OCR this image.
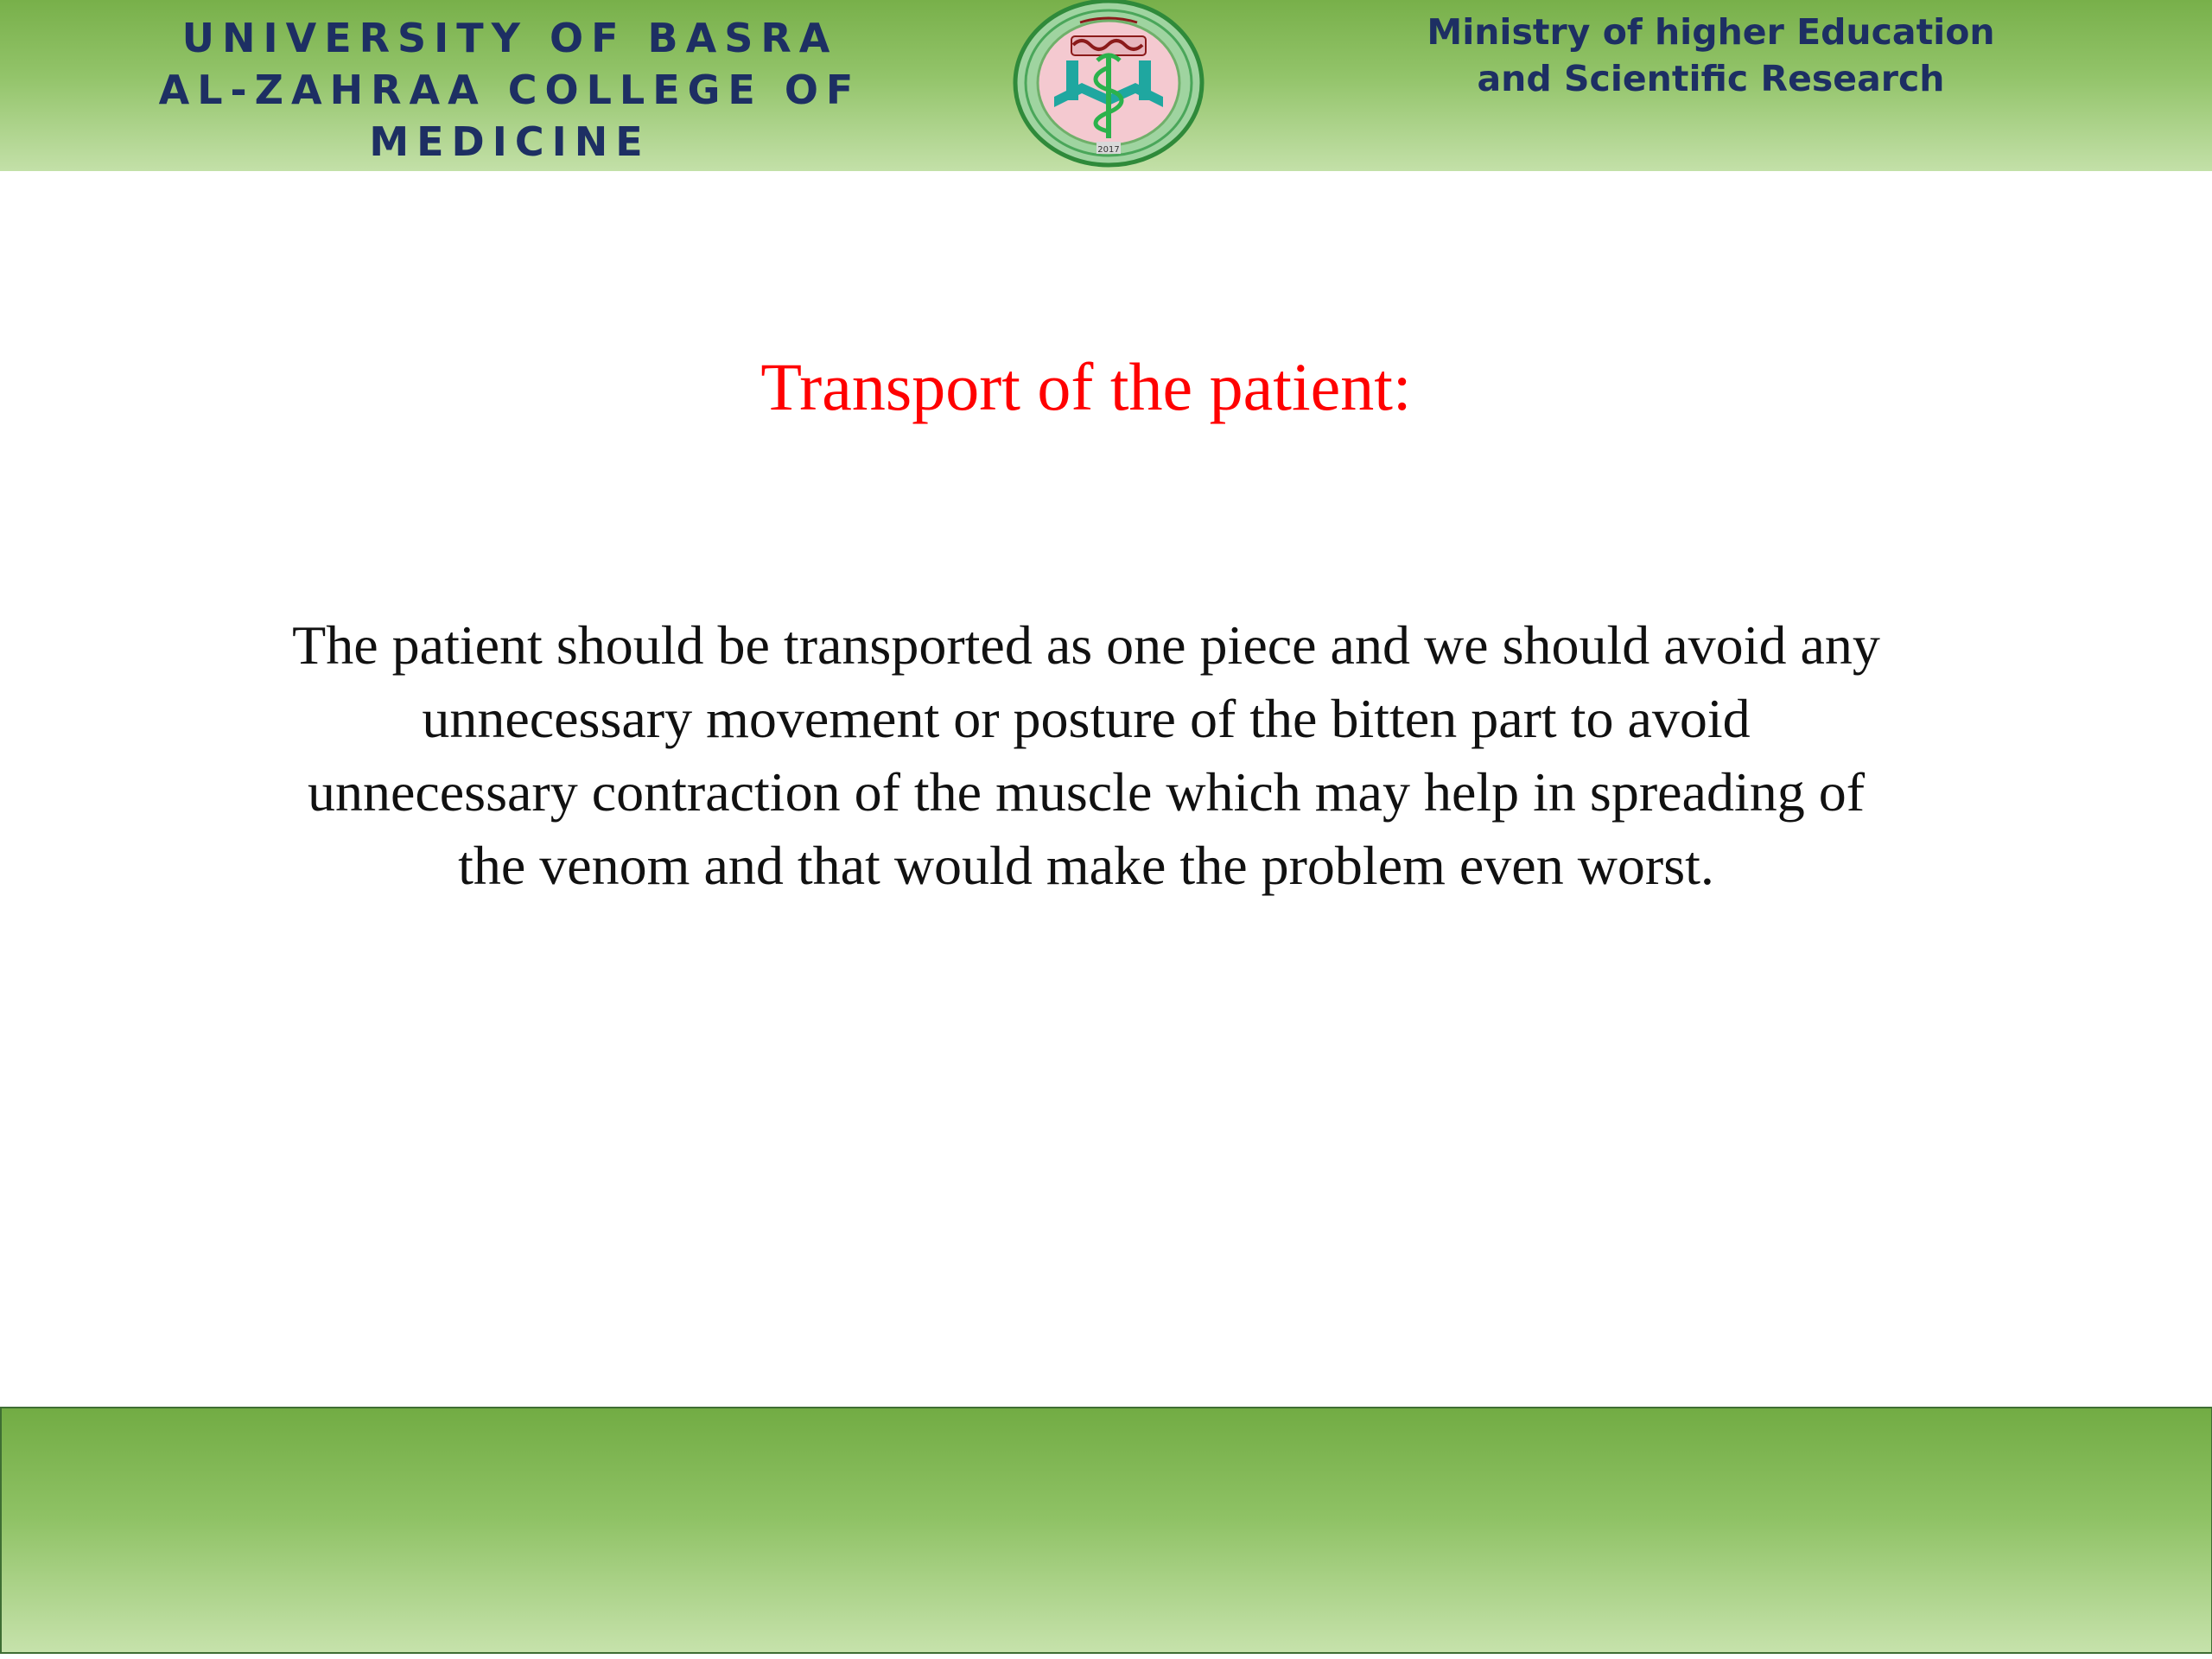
UNIVERSITY OF BASRA
AL-ZAHRAA COLLEGE OF MEDICINE	2017
Ministry of higher Education
and Scientific Research
Transport of the patient:

The patient should be transported as one piece and we should avoid any unnecessary movement or posture of the bitten part to avoid unnecessary contraction of the muscle which may help in spreading of the venom and that would make the problem even worst.
